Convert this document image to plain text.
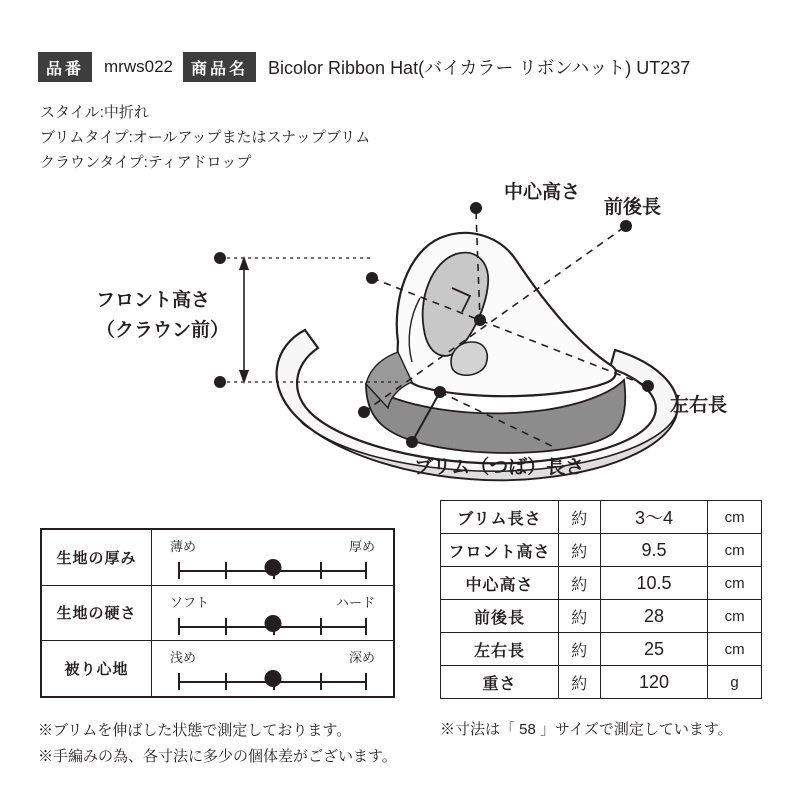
品番	mrws022	商品名	Bicolor Ribbon Hat(バイカラー リボンハット) UT237
スタイル:中折れ
ブリムタイプ:オールアップまたはスナップブリム
クラウンタイプ:ティアドロップ
中心高さ
前後長
フロント高さ
（クラウン前）
左右長
ブリム（つば）長さ
生地の厚み	薄め 厚め

生地の硬さ	ソフト ハード

被り心地	浅め 深め
ブリム長さ	約	3〜4	cm
フロント高さ	約	9.5	cm
中心高さ	約	10.5	cm
前後長	約	28	cm
左右長	約	25	cm
重さ	約	120	g
※ブリムを伸ばした状態で測定しております。
※手編みの為、各寸法に多少の個体差がございます。
※寸法は「 58 」サイズで測定しています。
